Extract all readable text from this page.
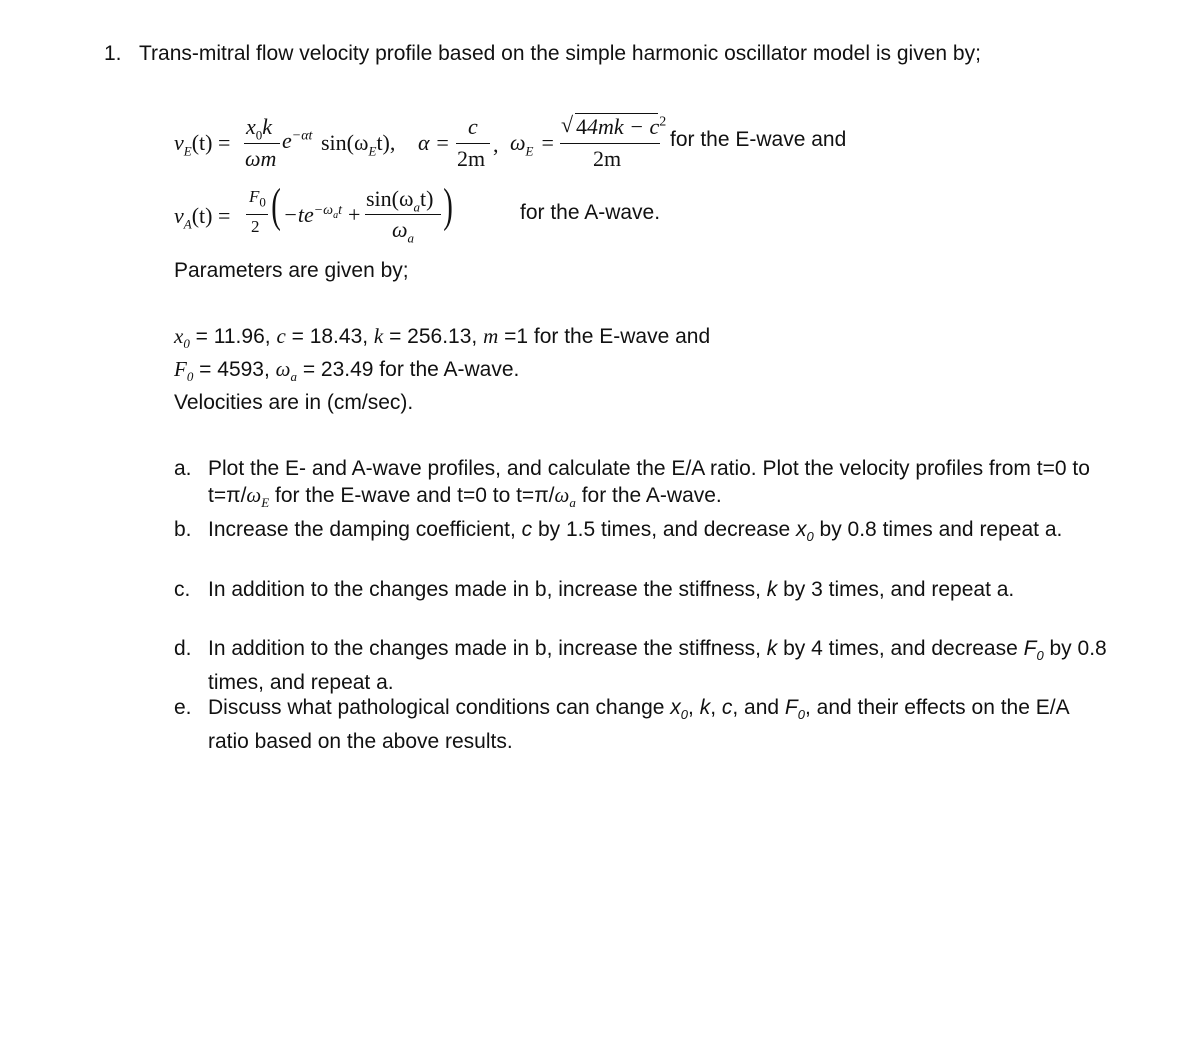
1. Trans-mitral flow velocity profile based on the simple harmonic oscillator model is given by;
$v_E(t)$ =
$x_0k$
ωm
$e^{-\alpha t}$ $\sin(\omega_Et)$, α =
c
2m
, $\omega_E$ =
√ $44mk - c^2$
2m
for the E-wave and
$v_A(t)$ =
$F_0$
2 ( $-te^{-\omega_at}$ +
$\sin(\omega_at)$
$\omega_a$
)	for the A-wave.
Parameters are given by;
$x_0 = 11.96$, c = 18.43, k = 256.13, m =1 for the E-wave and
$F_0 = 4593$, $\omega_a = 23.49$ for the A-wave.
Velocities are in (cm/sec).
a. Plot the E- and A-wave profiles, and calculate the E/A ratio. Plot the velocity profiles from t=0 to $t=\pi/\omega_E$ for the E-wave and t=0 to $t=\pi/\omega_a$ for the A-wave.
b. Increase the damping coefficient, c by 1.5 times, and decrease $x_0$ by 0.8 times and repeat a.
c. In addition to the changes made in b, increase the stiffness, k by 3 times, and repeat a.
d. In addition to the changes made in b, increase the stiffness, k by 4 times, and decrease $F_0$ by 0.8 times, and repeat a.
e. Discuss what pathological conditions can change $x_0$, k, c, and $F_0$, and their effects on the E/A ratio based on the above results.
